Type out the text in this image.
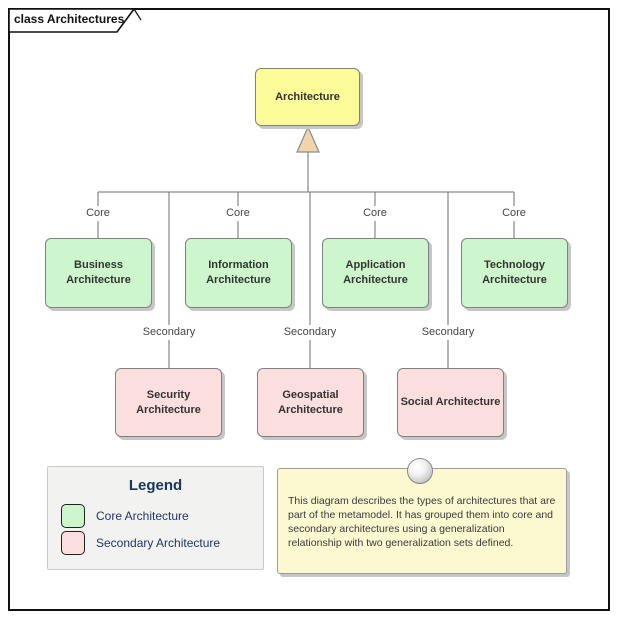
class Architectures
Architecture
Business Architecture
Information Architecture
Application Architecture
Technology Architecture
Security Architecture
Geospatial Architecture
Social Architecture
Core	Core	Core	Core
Secondary	Secondary	Secondary
Legend
Core Architecture
Secondary Architecture
This diagram describes the types of architectures that are part of the metamodel. It has grouped them into core and secondary architectures using a generalization relationship with two generalization sets defined.
